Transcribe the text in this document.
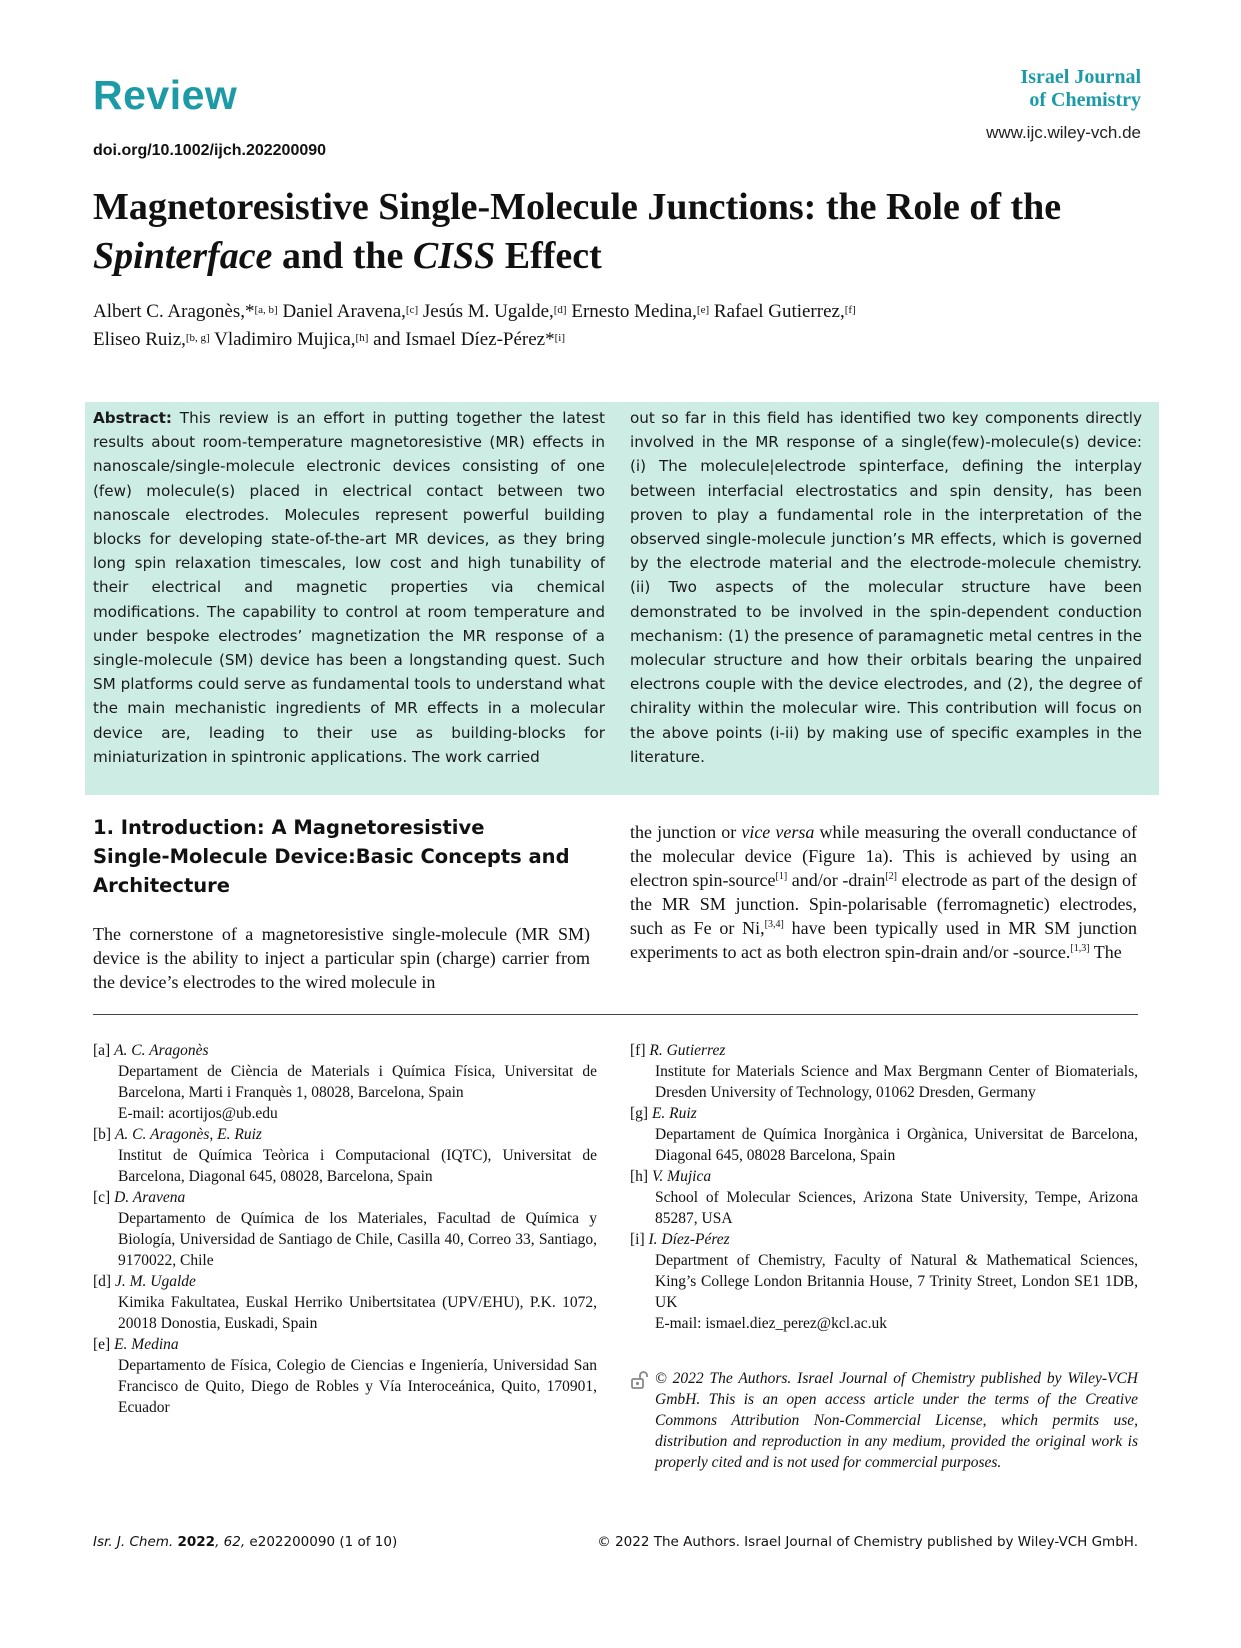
Review
doi.org/10.1002/ijch.202200090
Israel Journal
of Chemistry
www.ijc.wiley-vch.de
Magnetoresistive Single-Molecule Junctions: the Role of the
Spinterface and the CISS Effect
Albert C. Aragonès,*[a, b] Daniel Aravena,[c] Jesús M. Ugalde,[d] Ernesto Medina,[e] Rafael Gutierrez,[f]
Eliseo Ruiz,[b, g] Vladimiro Mujica,[h] and Ismael Díez-Pérez*[i]
Abstract: This review is an effort in putting together the latest results about room-temperature magnetoresistive (MR) effects in nanoscale/single-molecule electronic devices consisting of one (few) molecule(s) placed in electrical contact between two nanoscale electrodes. Molecules represent powerful building blocks for developing state-of-the-art MR devices, as they bring long spin relaxation timescales, low cost and high tunability of their electrical and magnetic properties via chemical modifications. The capability to control at room temperature and under bespoke electrodes’ magnetization the MR response of a single-molecule (SM) device has been a longstanding quest. Such SM platforms could serve as fundamental tools to understand what the main mechanistic ingredients of MR effects in a molecular device are, leading to their use as building-blocks for miniaturization in spintronic applications. The work carried
out so far in this field has identified two key components directly involved in the MR response of a single(few)-molecule(s) device: (i) The molecule|electrode spinterface, defining the interplay between interfacial electrostatics and spin density, has been proven to play a fundamental role in the interpretation of the observed single-molecule junction’s MR effects, which is governed by the electrode material and the electrode-molecule chemistry. (ii) Two aspects of the molecular structure have been demonstrated to be involved in the spin-dependent conduction mechanism: (1) the presence of paramagnetic metal centres in the molecular structure and how their orbitals bearing the unpaired electrons couple with the device electrodes, and (2), the degree of chirality within the molecular wire. This contribution will focus on the above points (i-ii) by making use of specific examples in the literature.
1. Introduction: A Magnetoresistive
Single-Molecule Device:Basic Concepts and
Architecture
The cornerstone of a magnetoresistive single-molecule (MR SM) device is the ability to inject a particular spin (charge) carrier from the device’s electrodes to the wired molecule in
the junction or vice versa while measuring the overall conductance of the molecular device (Figure 1a). This is achieved by using an electron spin-source[1] and/or -drain[2] electrode as part of the design of the MR SM junction. Spin-polarisable (ferromagnetic) electrodes, such as Fe or Ni,[3,4] have been typically used in MR SM junction experiments to act as both electron spin-drain and/or -source.[1,3] The

[a] A. C. Aragonès

Departament de Ciència de Materials i Química Física, Universitat de Barcelona, Marti i Franquès 1, 08028, Barcelona, Spain

E-mail: acortijos@ub.edu

[b] A. C. Aragonès, E. Ruiz

Institut de Química Teòrica i Computacional (IQTC), Universitat de Barcelona, Diagonal 645, 08028, Barcelona, Spain

[c] D. Aravena

Departamento de Química de los Materiales, Facultad de Química y Biología, Universidad de Santiago de Chile, Casilla 40, Correo 33, Santiago, 9170022, Chile

[d] J. M. Ugalde

Kimika Fakultatea, Euskal Herriko Unibertsitatea (UPV/EHU), P.K. 1072, 20018 Donostia, Euskadi, Spain

[e] E. Medina

Departamento de Física, Colegio de Ciencias e Ingeniería, Universidad San Francisco de Quito, Diego de Robles y Vía Interoceánica, Quito, 170901, Ecuador

[f] R. Gutierrez

Institute for Materials Science and Max Bergmann Center of Biomaterials, Dresden University of Technology, 01062 Dresden, Germany

[g] E. Ruiz

Departament de Química Inorgànica i Orgànica, Universitat de Barcelona, Diagonal 645, 08028 Barcelona, Spain

[h] V. Mujica

School of Molecular Sciences, Arizona State University, Tempe, Arizona 85287, USA

[i] I. Díez-Pérez

Department of Chemistry, Faculty of Natural & Mathematical Sciences, King’s College London Britannia House, 7 Trinity Street, London SE1 1DB, UK

E-mail: ismael.diez_perez@kcl.ac.uk

© 2022 The Authors. Israel Journal of Chemistry published by Wiley-VCH GmbH. This is an open access article under the terms of the Creative Commons Attribution Non-Commercial License, which permits use, distribution and reproduction in any medium, provided the original work is properly cited and is not used for commercial purposes.
Isr. J. Chem. 2022, 62, e202200090 (1 of 10)	© 2022 The Authors. Israel Journal of Chemistry published by Wiley-VCH GmbH.
